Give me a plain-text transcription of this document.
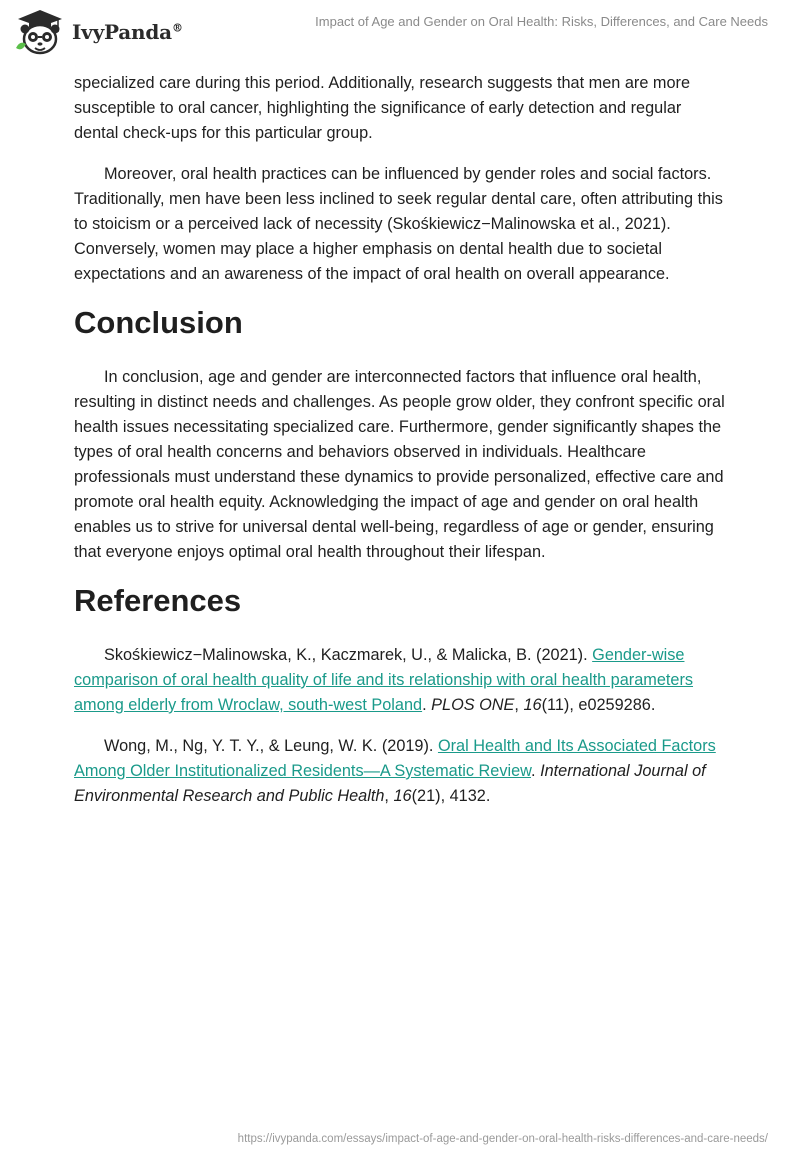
IvyPanda®	Impact of Age and Gender on Oral Health: Risks, Differences, and Care Needs

specialized care during this period. Additionally, research suggests that men are more susceptible to oral cancer, highlighting the significance of early detection and regular dental check-ups for this particular group.

Moreover, oral health practices can be influenced by gender roles and social factors. Traditionally, men have been less inclined to seek regular dental care, often attributing this to stoicism or a perceived lack of necessity (Skośkiewicz−Malinowska et al., 2021). Conversely, women may place a higher emphasis on dental health due to societal expectations and an awareness of the impact of oral health on overall appearance.

Conclusion

In conclusion, age and gender are interconnected factors that influence oral health, resulting in distinct needs and challenges. As people grow older, they confront specific oral health issues necessitating specialized care. Furthermore, gender significantly shapes the types of oral health concerns and behaviors observed in individuals. Healthcare professionals must understand these dynamics to provide personalized, effective care and promote oral health equity. Acknowledging the impact of age and gender on oral health enables us to strive for universal dental well-being, regardless of age or gender, ensuring that everyone enjoys optimal oral health throughout their lifespan.

References

Skośkiewicz−Malinowska, K., Kaczmarek, U., & Malicka, B. (2021). Gender-wise comparison of oral health quality of life and its relationship with oral health parameters among elderly from Wroclaw, south-west Poland. PLOS ONE, 16(11), e0259286.

Wong, M., Ng, Y. T. Y., & Leung, W. K. (2019). Oral Health and Its Associated Factors Among Older Institutionalized Residents—A Systematic Review. International Journal of Environmental Research and Public Health, 16(21), 4132.

https://ivypanda.com/essays/impact-of-age-and-gender-on-oral-health-risks-differences-and-care-needs/
